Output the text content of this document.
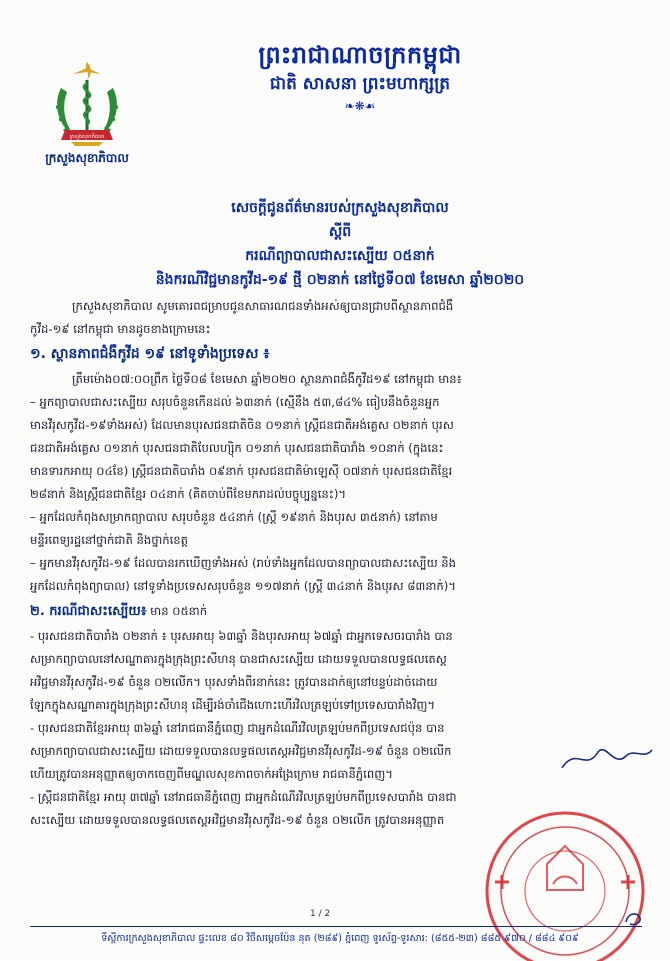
ក្រសួងសុខាភិបាល
ក្រសួងសុខាភិបាល
ព្រះរាជាណាចក្រកម្ពុជា
ជាតិ សាសនា ព្រះមហាក្សត្រ
❧❋☙
សេចក្តីជូនព័ត៌មានរបស់ក្រសួងសុខាភិបាល
ស្តីពី
ករណីព្យាបាលជាសះស្បើយ ០៥នាក់
និងករណីវិជ្ជមានកូវីដ-១៩ ថ្មី ០២នាក់ នៅថ្ងៃទី០៧ ខែមេសា ឆ្នាំ២០២០

ក្រសួងសុខាភិបាល សូមគោរពជម្រាបជូនសាធារណជនទាំងអស់ឲ្យបានជ្រាបពីស្ថានភាពជំងឺ

កូវីដ-១៩ នៅកម្ពុជា មានដូចខាងក្រោមនេះ

១. ស្ថានភាពជំងឺកូវីដ ១៩ នៅទូទាំងប្រទេស ៖

ត្រឹមម៉ោង០៧:០០ព្រឹក ថ្ងៃទី០៨ ខែមេសា ឆ្នាំ២០២០ ស្ថានភាពជំងឺកូវីដ១៩ នៅកម្ពុជា មាន៖

– អ្នកព្យាបាលជាសះស្បើយ សរុបចំនួនកើនដល់ ៦៣នាក់ (ស្មើនឹង ៥៣,៨៤% ធៀបនឹងចំនួនអ្នក

មានវីរុសកូវីដ-១៩ទាំងអស់) ដែលមានបុរសជនជាតិចិន ០១នាក់ ស្ត្រីជនជាតិអង់គ្លេស ០២នាក់ បុរស

ជនជាតិអង់គ្លេស ០១នាក់ បុរសជនជាតិបែលហ្ស៊ិក ០១នាក់ បុរសជនជាតិបារាំង ១០នាក់ (ក្នុងនេះ

មានទារកអាយុ ០៤ខែ) ស្ត្រីជនជាតិបារាំង ០៩នាក់ បុរសជនជាតិម៉ាឡេស៊ី ០៧នាក់ បុរសជនជាតិខ្មែរ

២៨នាក់ និងស្ត្រីជនជាតិខ្មែរ ០៤នាក់ (គិតចាប់ពីខែមករាដល់បច្ចុប្បន្ននេះ)។

– អ្នកដែលកំពុងសម្រាកព្យាបាល សរុបចំនួន ៥៤នាក់ (ស្ត្រី ១៩នាក់ និងបុរស ៣៥នាក់) នៅតាម

មន្ទីរពេទ្យរដ្ឋនៅថ្នាក់ជាតិ និងថ្នាក់ខេត្ត

– អ្នកមានវីរុសកូវីដ-១៩ ដែលបានរកឃើញទាំងអស់ (រាប់ទាំងអ្នកដែលបានព្យាបាលជាសះស្បើយ និង

អ្នកដែលកំពុងព្យាបាល) នៅទូទាំងប្រទេសសរុបចំនួន ១១៧នាក់ (ស្ត្រី ៣៤នាក់ និងបុរស ៨៣នាក់)។

២. ករណីជាសះស្បើយ៖ មាន ០៥នាក់

- បុរសជនជាតិបារាំង ០២នាក់ ៖ បុរសអាយុ ៦៣ឆ្នាំ និងបុរសអាយុ ៦៧ឆ្នាំ ជាអ្នកទេសចរបារាំង បាន

សម្រាកព្យាបាលនៅសណ្ឋាគារក្នុងក្រុងព្រះសីហនុ បានជាសះស្បើយ ដោយទទួលបានលទ្ធផលតេស្ត

អវិជ្ជមានវីរុសកូវីដ-១៩ ចំនួន ០២លើក។ បុរសទាំងពីរនាក់នេះ ត្រូវបានដាក់ឲ្យនៅបន្ទប់ដាច់ដោយ

ឡែកក្នុងសណ្ឋាគារក្នុងក្រុងព្រះសីហនុ ដើម្បីរង់ចាំជើងហោះហើរវិលត្រឡប់ទៅប្រទេសបារាំងវិញ។

- បុរសជនជាតិខ្មែរអាយុ ៣៦ឆ្នាំ នៅរាជធានីភ្នំពេញ ជាអ្នកដំណើរវិលត្រឡប់មកពីប្រទេសជប៉ុន បាន

សម្រាកព្យាបាលជាសះស្បើយ ដោយទទួលបានលទ្ធផលតេស្តអវិជ្ជមានវីរុសកូវីដ-១៩ ចំនួន ០២លើក

ហើយត្រូវបានអនុញ្ញាតឲ្យចាកចេញពីមណ្ឌលសុខភាពចាក់អង្រែក្រោម រាជធានីភ្នំពេញ។

- ស្ត្រីជនជាតិខ្មែរ អាយុ ៣៧ឆ្នាំ នៅរាជធានីភ្នំពេញ ជាអ្នកដំណើរវិលត្រឡប់មកពីប្រទេសបារាំង បានជា

សះស្បើយ ដោយទទួលបានលទ្ធផលតេស្តអវិជ្ជមានវីរុសកូវីដ-១៩ ចំនួន ០២លើក ត្រូវបានអនុញ្ញាត

1 / 2
ទីស្តីការក្រសួងសុខាភិបាល ផ្ទះលេខ ៨០ វិថីសម្តេចប៉ែន នុត (២៨៩) ភ្នំពេញ ទូរស័ព្ទ-ទូរសារ: (៨៥៥-២៣) ៨៨៥ ៩៧០ / ៨៨៤ ៩០៩
